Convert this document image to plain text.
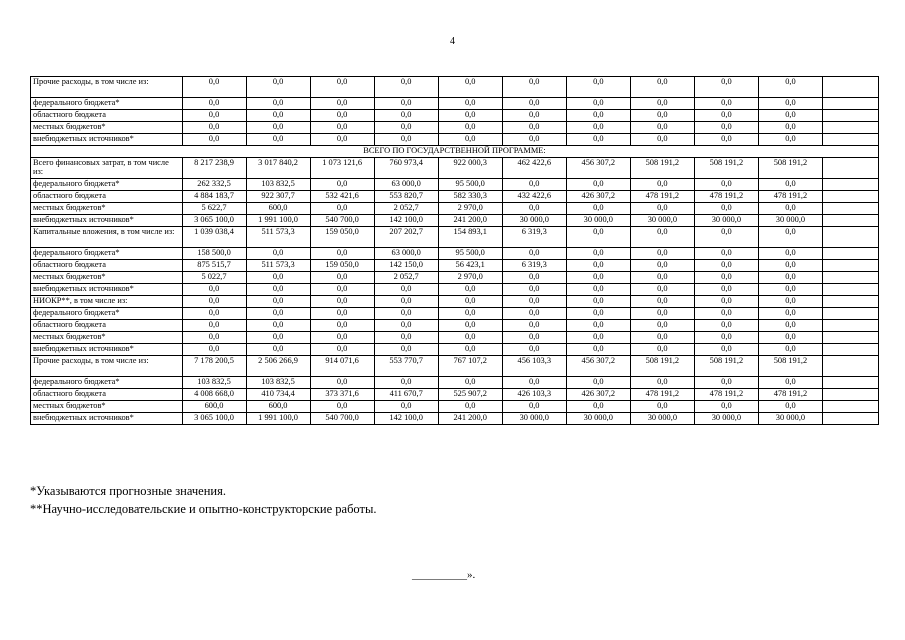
4
Прочие расходы, в том числе из:	0,0	0,0	0,0	0,0	0,0	0,0	0,0	0,0	0,0	0,0	
федерального бюджета*	0,0	0,0	0,0	0,0	0,0	0,0	0,0	0,0	0,0	0,0	
областного бюджета	0,0	0,0	0,0	0,0	0,0	0,0	0,0	0,0	0,0	0,0	
местных бюджетов*	0,0	0,0	0,0	0,0	0,0	0,0	0,0	0,0	0,0	0,0	
внебюджетных источников*	0,0	0,0	0,0	0,0	0,0	0,0	0,0	0,0	0,0	0,0	
ВСЕГО ПО ГОСУДАРСТВЕННОЙ ПРОГРАММЕ:											
Всего финансовых затрат, в том числе из:	8 217 238,9	3 017 840,2	1 073 121,6	760 973,4	922 000,3	462 422,6	456 307,2	508 191,2	508 191,2	508 191,2	
федерального бюджета*	262 332,5	103 832,5	0,0	63 000,0	95 500,0	0,0	0,0	0,0	0,0	0,0	
областного бюджета	4 884 183,7	922 307,7	532 421,6	553 820,7	582 330,3	432 422,6	426 307,2	478 191,2	478 191,2	478 191,2	
местных бюджетов*	5 622,7	600,0	0,0	2 052,7	2 970,0	0,0	0,0	0,0	0,0	0,0	
внебюджетных источников*	3 065 100,0	1 991 100,0	540 700,0	142 100,0	241 200,0	30 000,0	30 000,0	30 000,0	30 000,0	30 000,0	
Капитальные вложения, в том числе из:	1 039 038,4	511 573,3	159 050,0	207 202,7	154 893,1	6 319,3	0,0	0,0	0,0	0,0	
федерального бюджета*	158 500,0	0,0	0,0	63 000,0	95 500,0	0,0	0,0	0,0	0,0	0,0	
областного бюджета	875 515,7	511 573,3	159 050,0	142 150,0	56 423,1	6 319,3	0,0	0,0	0,0	0,0	
местных бюджетов*	5 022,7	0,0	0,0	2 052,7	2 970,0	0,0	0,0	0,0	0,0	0,0	
внебюджетных источников*	0,0	0,0	0,0	0,0	0,0	0,0	0,0	0,0	0,0	0,0	
НИОКР**, в том числе из:	0,0	0,0	0,0	0,0	0,0	0,0	0,0	0,0	0,0	0,0	
федерального бюджета*	0,0	0,0	0,0	0,0	0,0	0,0	0,0	0,0	0,0	0,0	
областного бюджета	0,0	0,0	0,0	0,0	0,0	0,0	0,0	0,0	0,0	0,0	
местных бюджетов*	0,0	0,0	0,0	0,0	0,0	0,0	0,0	0,0	0,0	0,0	
внебюджетных источников*	0,0	0,0	0,0	0,0	0,0	0,0	0,0	0,0	0,0	0,0	
Прочие расходы, в том числе из:	7 178 200,5	2 506 266,9	914 071,6	553 770,7	767 107,2	456 103,3	456 307,2	508 191,2	508 191,2	508 191,2	
федерального бюджета*	103 832,5	103 832,5	0,0	0,0	0,0	0,0	0,0	0,0	0,0	0,0	
областного бюджета	4 008 668,0	410 734,4	373 371,6	411 670,7	525 907,2	426 103,3	426 307,2	478 191,2	478 191,2	478 191,2	
местных бюджетов*	600,0	600,0	0,0	0,0	0,0	0,0	0,0	0,0	0,0	0,0	
внебюджетных источников*	3 065 100,0	1 991 100,0	540 700,0	142 100,0	241 200,0	30 000,0	30 000,0	30 000,0	30 000,0	30 000,0	
*Указываются прогнозные значения.
**Научно-исследовательские и опытно-конструкторские работы.
__________».
